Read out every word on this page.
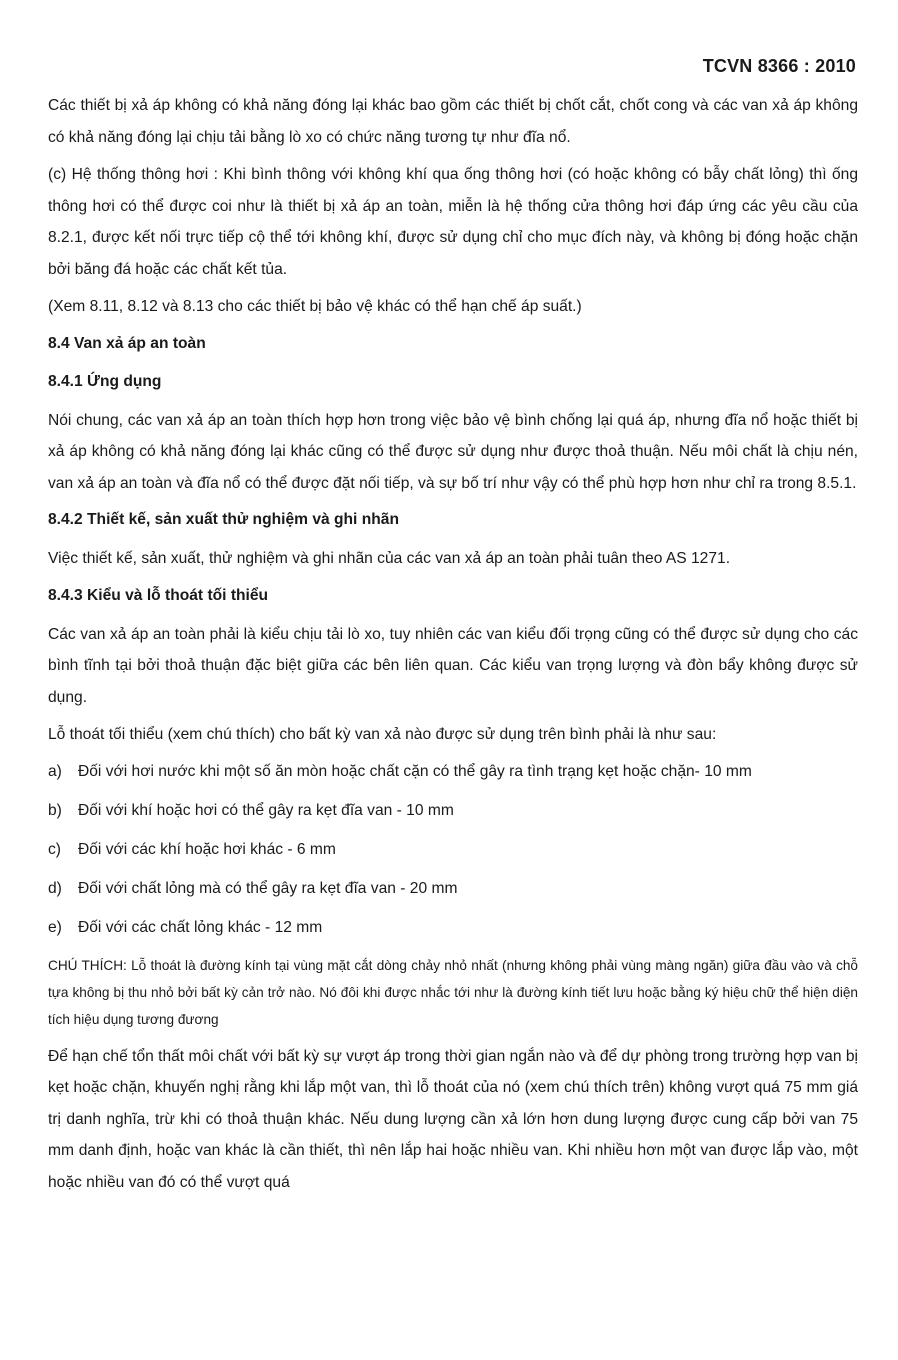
TCVN 8366 : 2010

Các thiết bị xả áp không có khả năng đóng lại khác bao gồm các thiết bị chốt cắt, chốt cong và các van xả áp không có khả năng đóng lại chịu tải bằng lò xo có chức năng tương tự như đĩa nổ.

(c) Hệ thống thông hơi : Khi bình thông với không khí qua ống thông hơi (có hoặc không có bẫy chất lỏng) thì ống thông hơi có thể được coi như là thiết bị xả áp an toàn, miễn là hệ thống cửa thông hơi đáp ứng các yêu cầu của 8.2.1, được kết nối trực tiếp cộ thể tới không khí, được sử dụng chỉ cho mục đích này, và không bị đóng hoặc chặn bởi băng đá hoặc các chất kết tủa.

(Xem 8.11, 8.12 và 8.13 cho các thiết bị bảo vệ khác có thể hạn chế áp suất.)

8.4 Van xả áp an toàn

8.4.1 Ứng dụng

Nói chung, các van xả áp an toàn thích hợp hơn trong việc bảo vệ bình chống lại quá áp, nhưng đĩa nổ hoặc thiết bị xả áp không có khả năng đóng lại khác cũng có thể được sử dụng như được thoả thuận. Nếu môi chất là chịu nén, van xả áp an toàn và đĩa nổ có thể được đặt nối tiếp, và sự bố trí như vậy có thể phù hợp hơn như chỉ ra trong 8.5.1.

8.4.2 Thiết kế, sản xuất thử nghiệm và ghi nhãn

Việc thiết kế, sản xuất, thử nghiệm và ghi nhãn của các van xả áp an toàn phải tuân theo AS 1271.

8.4.3 Kiểu và lỗ thoát tối thiểu

Các van xả áp an toàn phải là kiểu chịu tải lò xo, tuy nhiên các van kiểu đối trọng cũng có thể được sử dụng cho các bình tĩnh tại bởi thoả thuận đặc biệt giữa các bên liên quan. Các kiểu van trọng lượng và đòn bẩy không được sử dụng.

Lỗ thoát tối thiểu (xem chú thích) cho bất kỳ van xả nào được sử dụng trên bình phải là như sau:

a) Đối với hơi nước khi một số ăn mòn hoặc chất cặn có thể gây ra tình trạng kẹt hoặc chặn- 10 mm

b) Đối với khí hoặc hơi có thể gây ra kẹt đĩa van - 10 mm

c) Đối với các khí hoặc hơi khác - 6 mm

d) Đối với chất lỏng mà có thể gây ra kẹt đĩa van - 20 mm

e) Đối với các chất lỏng khác - 12 mm

CHÚ THÍCH: Lỗ thoát là đường kính tại vùng mặt cắt dòng chảy nhỏ nhất (nhưng không phải vùng màng ngăn) giữa đầu vào và chỗ tựa không bị thu nhỏ bởi bất kỳ cản trở nào. Nó đôi khi được nhắc tới như là đường kính tiết lưu hoặc bằng ký hiệu chữ thể hiện diện tích hiệu dụng tương đương

Để hạn chế tổn thất môi chất với bất kỳ sự vượt áp trong thời gian ngắn nào và để dự phòng trong trường hợp van bị kẹt hoặc chặn, khuyến nghị rằng khi lắp một van, thì lỗ thoát của nó (xem chú thích trên) không vượt quá 75 mm giá trị danh nghĩa, trừ khi có thoả thuận khác. Nếu dung lượng cần xả lớn hơn dung lượng được cung cấp bởi van 75 mm danh định, hoặc van khác là cần thiết, thì nên lắp hai hoặc nhiều van. Khi nhiều hơn một van được lắp vào, một hoặc nhiều van đó có thể vượt quá
